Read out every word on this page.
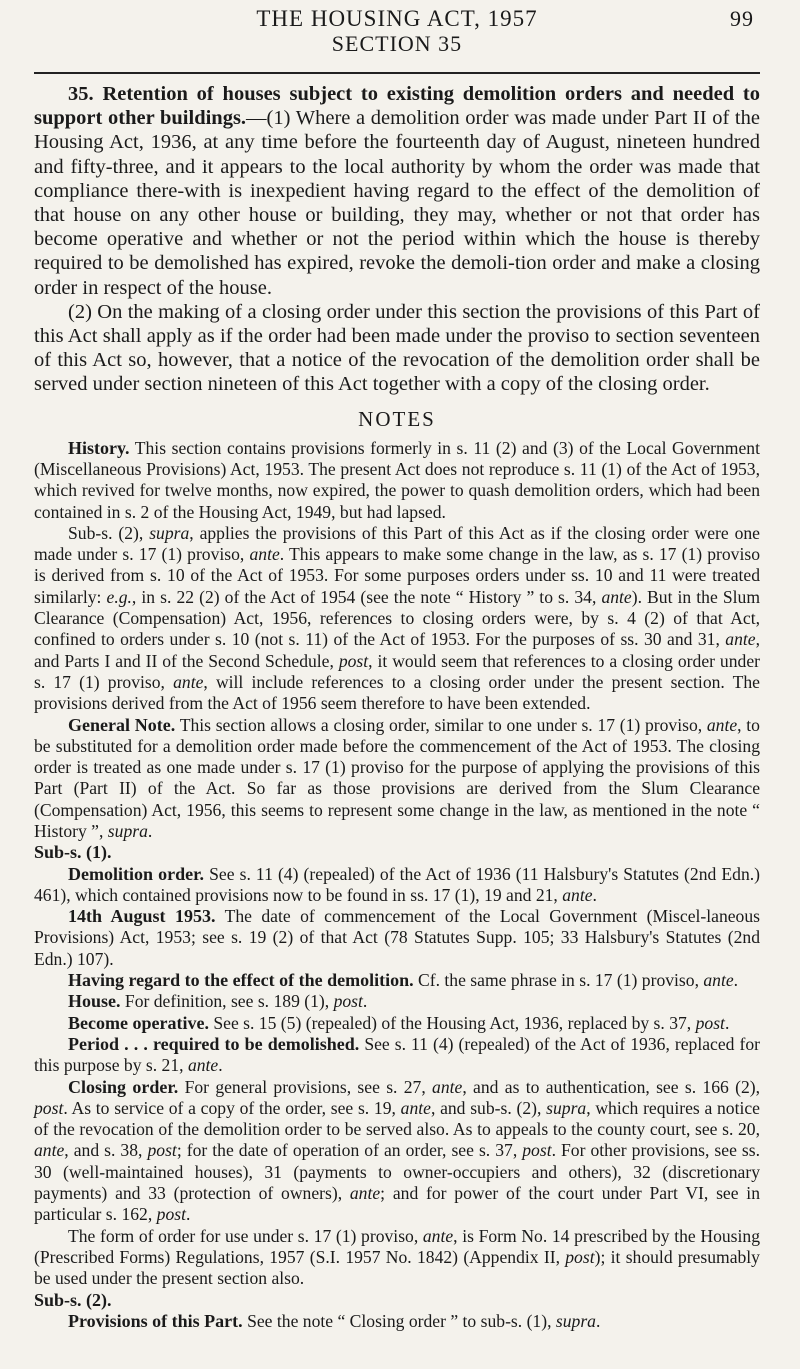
THE HOUSING ACT, 1957	99
SECTION 35

35. Retention of houses subject to existing demolition orders and needed to support other buildings.—(1) Where a demolition order was made under Part II of the Housing Act, 1936, at any time before the fourteenth day of August, nineteen hundred and fifty-three, and it appears to the local authority by whom the order was made that compliance there-with is inexpedient having regard to the effect of the demolition of that house on any other house or building, they may, whether or not that order has become operative and whether or not the period within which the house is thereby required to be demolished has expired, revoke the demoli-tion order and make a closing order in respect of the house.

(2) On the making of a closing order under this section the provisions of this Part of this Act shall apply as if the order had been made under the proviso to section seventeen of this Act so, however, that a notice of the revocation of the demolition order shall be served under section nineteen of this Act together with a copy of the closing order.

NOTES

History. This section contains provisions formerly in s. 11 (2) and (3) of the Local Government (Miscellaneous Provisions) Act, 1953. The present Act does not reproduce s. 11 (1) of the Act of 1953, which revived for twelve months, now expired, the power to quash demolition orders, which had been contained in s. 2 of the Housing Act, 1949, but had lapsed.

Sub-s. (2), supra, applies the provisions of this Part of this Act as if the closing order were one made under s. 17 (1) proviso, ante. This appears to make some change in the law, as s. 17 (1) proviso is derived from s. 10 of the Act of 1953. For some purposes orders under ss. 10 and 11 were treated similarly: e.g., in s. 22 (2) of the Act of 1954 (see the note “ History ” to s. 34, ante). But in the Slum Clearance (Compensation) Act, 1956, references to closing orders were, by s. 4 (2) of that Act, confined to orders under s. 10 (not s. 11) of the Act of 1953. For the purposes of ss. 30 and 31, ante, and Parts I and II of the Second Schedule, post, it would seem that references to a closing order under s. 17 (1) proviso, ante, will include references to a closing order under the present section. The provisions derived from the Act of 1956 seem therefore to have been extended.

General Note. This section allows a closing order, similar to one under s. 17 (1) proviso, ante, to be substituted for a demolition order made before the commencement of the Act of 1953. The closing order is treated as one made under s. 17 (1) proviso for the purpose of applying the provisions of this Part (Part II) of the Act. So far as those provisions are derived from the Slum Clearance (Compensation) Act, 1956, this seems to represent some change in the law, as mentioned in the note “ History ”, supra.

Sub-s. (1).

Demolition order. See s. 11 (4) (repealed) of the Act of 1936 (11 Halsbury's Statutes (2nd Edn.) 461), which contained provisions now to be found in ss. 17 (1), 19 and 21, ante.

14th August 1953. The date of commencement of the Local Government (Miscel-laneous Provisions) Act, 1953; see s. 19 (2) of that Act (78 Statutes Supp. 105; 33 Halsbury's Statutes (2nd Edn.) 107).

Having regard to the effect of the demolition. Cf. the same phrase in s. 17 (1) proviso, ante.

House. For definition, see s. 189 (1), post.

Become operative. See s. 15 (5) (repealed) of the Housing Act, 1936, replaced by s. 37, post.

Period . . . required to be demolished. See s. 11 (4) (repealed) of the Act of 1936, replaced for this purpose by s. 21, ante.

Closing order. For general provisions, see s. 27, ante, and as to authentication, see s. 166 (2), post. As to service of a copy of the order, see s. 19, ante, and sub-s. (2), supra, which requires a notice of the revocation of the demolition order to be served also. As to appeals to the county court, see s. 20, ante, and s. 38, post; for the date of operation of an order, see s. 37, post. For other provisions, see ss. 30 (well-maintained houses), 31 (payments to owner-occupiers and others), 32 (discretionary payments) and 33 (protection of owners), ante; and for power of the court under Part VI, see in particular s. 162, post.

The form of order for use under s. 17 (1) proviso, ante, is Form No. 14 prescribed by the Housing (Prescribed Forms) Regulations, 1957 (S.I. 1957 No. 1842) (Appendix II, post); it should presumably be used under the present section also.

Sub-s. (2).

Provisions of this Part. See the note “ Closing order ” to sub-s. (1), supra.
